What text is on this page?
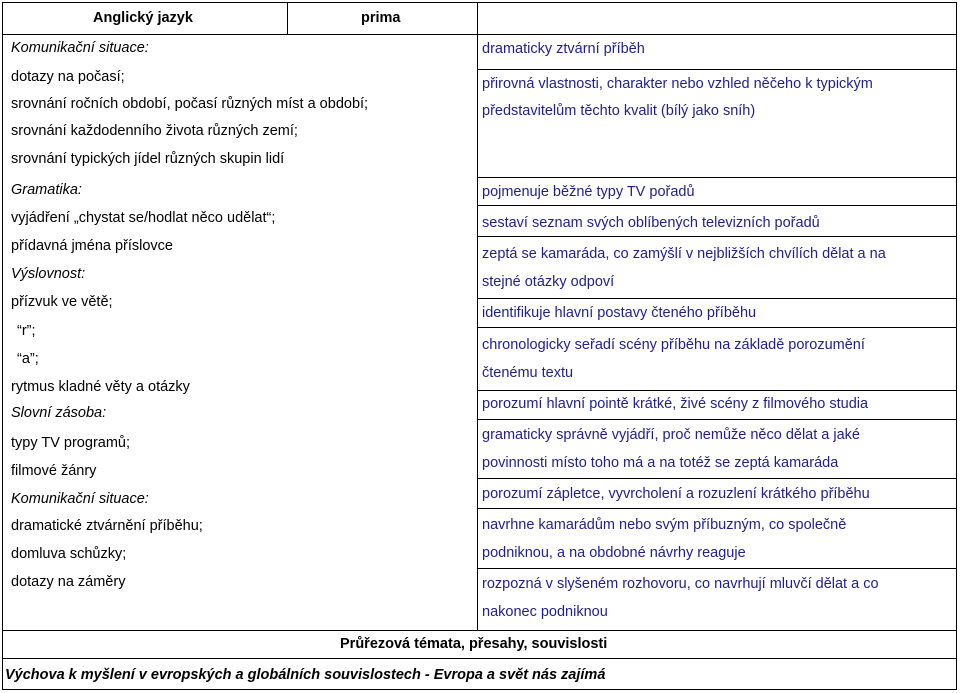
Anglický jazyk	prima
Komunikační situace:
dotazy na počasí;
srovnání ročních období, počasí různých míst a období;
srovnání každodenního života různých zemí;
srovnání typických jídel různých skupin lidí
Gramatika:
vyjádření „chystat se/hodlat něco udělat“;
přídavná jména příslovce
Výslovnost:
přízvuk ve větě;
“r”;
“a”;
rytmus kladné věty a otázky
Slovní zásoba:
typy TV programů;
filmové žánry
Komunikační situace:
dramatické ztvárnění příběhu;
domluva schůzky;
dotazy na záměry
dramaticky ztvární příběh
přirovná vlastnosti, charakter nebo vzhled něčeho k typickým
představitelům těchto kvalit (bílý jako sníh)
pojmenuje běžné typy TV pořadů
sestaví seznam svých oblíbených televizních pořadů
zeptá se kamaráda, co zamýšlí v nejbližších chvílích dělat a na
stejné otázky odpoví
identifikuje hlavní postavy čteného příběhu
chronologicky seřadí scény příběhu na základě porozumění
čtenému textu
porozumí hlavní pointě krátké, živé scény z filmového studia
gramaticky správně vyjádří, proč nemůže něco dělat a jaké
povinnosti místo toho má a na totéž se zeptá kamaráda
porozumí zápletce, vyvrcholení a rozuzlení krátkého příběhu
navrhne kamarádům nebo svým příbuzným, co společně
podniknou, a na obdobné návrhy reaguje
rozpozná v slyšeném rozhovoru, co navrhují mluvčí dělat a co
nakonec podniknou
Průřezová témata, přesahy, souvislosti
Výchova k myšlení v evropských a globálních souvislostech - Evropa a svět nás zajímá
